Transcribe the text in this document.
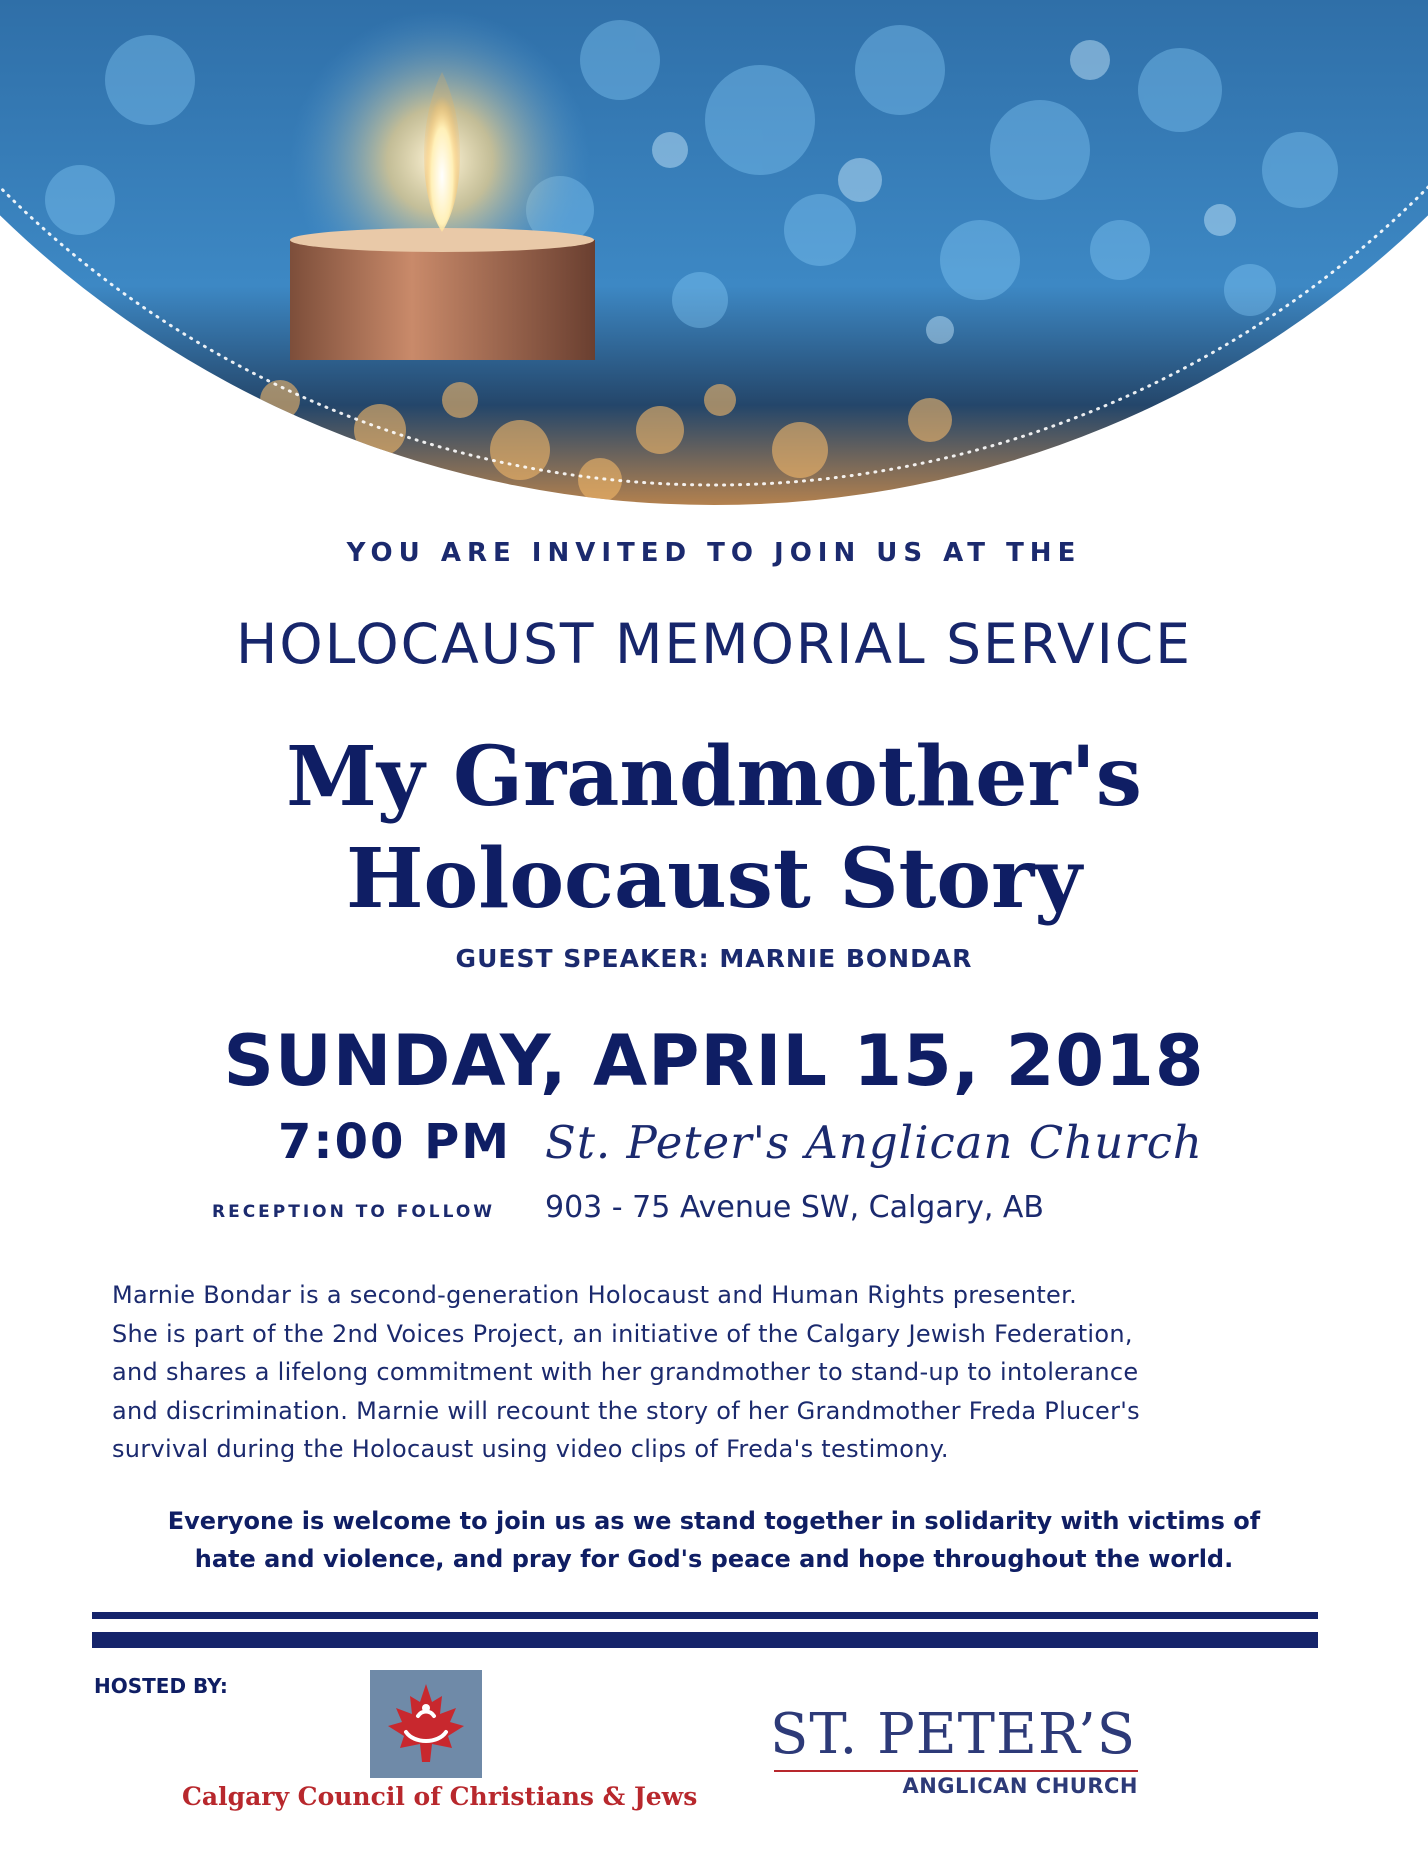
YOU ARE INVITED TO JOIN US AT THE
HOLOCAUST MEMORIAL SERVICE
My Grandmother's
Holocaust Story
GUEST SPEAKER: MARNIE BONDAR
SUNDAY, APRIL 15, 2018
7:00 PM St. Peter's Anglican Church
RECEPTION TO FOLLOW 903 - 75 Avenue SW, Calgary, AB
Marnie Bondar is a second-generation Holocaust and Human Rights presenter.
She is part of the 2nd Voices Project, an initiative of the Calgary Jewish Federation,
and shares a lifelong commitment with her grandmother to stand-up to intolerance
and discrimination. Marnie will recount the story of her Grandmother Freda Plucer's
survival during the Holocaust using video clips of Freda's testimony.
Everyone is welcome to join us as we stand together in solidarity with victims of
hate and violence, and pray for God's peace and hope throughout the world.
HOSTED BY:
Calgary Council of Christians & Jews
ST. PETER’S
ANGLICAN CHURCH
